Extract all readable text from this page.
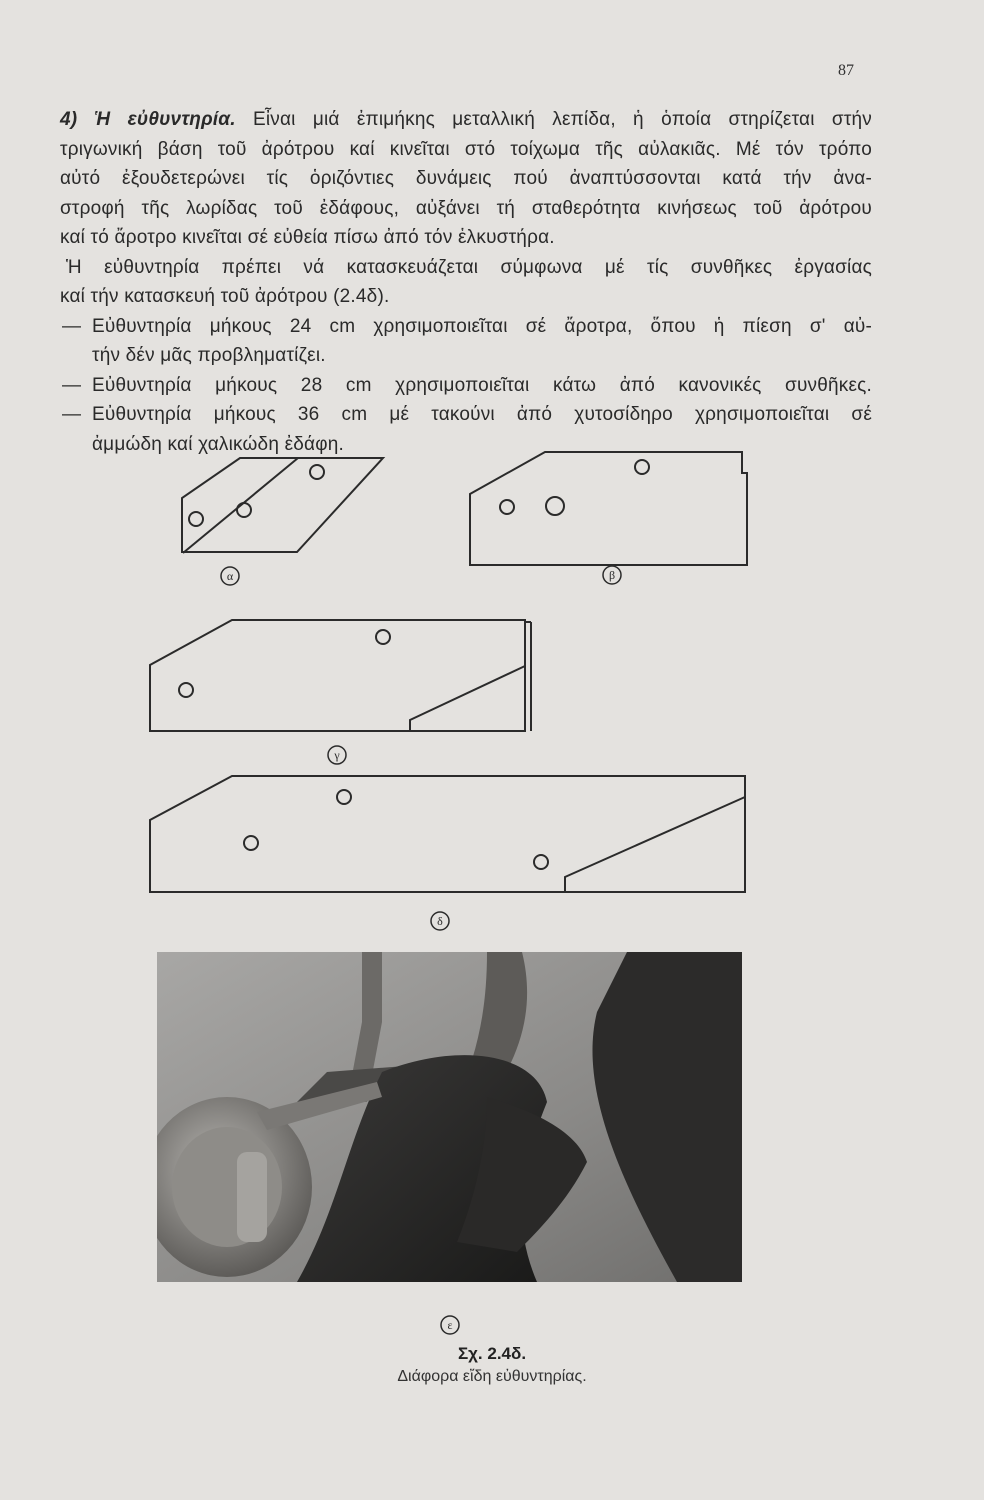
87
4) Ἡ εὐθυντηρία. Εἶναι μιά ἐπιμήκης μεταλλική λεπίδα, ἡ ὁποία στηρίζεται στήν
τριγωνική βάση τοῦ ἀρότρου καί κινεῖται στό τοίχωμα τῆς αὐλακιᾶς. Μέ τόν τρόπο
αὐτό ἐξουδετερώνει τίς ὁριζόντιες δυνάμεις πού ἀναπτύσσονται κατά τήν ἀνα-
στροφή τῆς λωρίδας τοῦ ἐδάφους, αὐξάνει τή σταθερότητα κινήσεως τοῦ ἀρότρου
καί τό ἄροτρο κινεῖται σέ εὐθεία πίσω ἀπό τόν ἑλκυστήρα.
Ἡ εὐθυντηρία πρέπει νά κατασκευάζεται σύμφωνα μέ τίς συνθῆκες ἐργασίας
καί τήν κατασκευή τοῦ ἀρότρου (2.4δ).
— Εὐθυντηρία μήκους 24 cm χρησιμοποιεῖται σέ ἄροτρα, ὅπου ἡ πίεση σ' αὐ-
τήν δέν μᾶς προβληματίζει.
— Εὐθυντηρία μήκους 28 cm χρησιμοποιεῖται κάτω ἀπό κανονικές συνθῆκες.
— Εὐθυντηρία μήκους 36 cm μέ τακούνι ἀπό χυτοσίδηρο χρησιμοποιεῖται σέ
ἀμμώδη καί χαλικώδη ἐδάφη.
α	β
γ
δ
ε
Σχ. 2.4δ.
Διάφορα εἴδη εὐθυντηρίας.
